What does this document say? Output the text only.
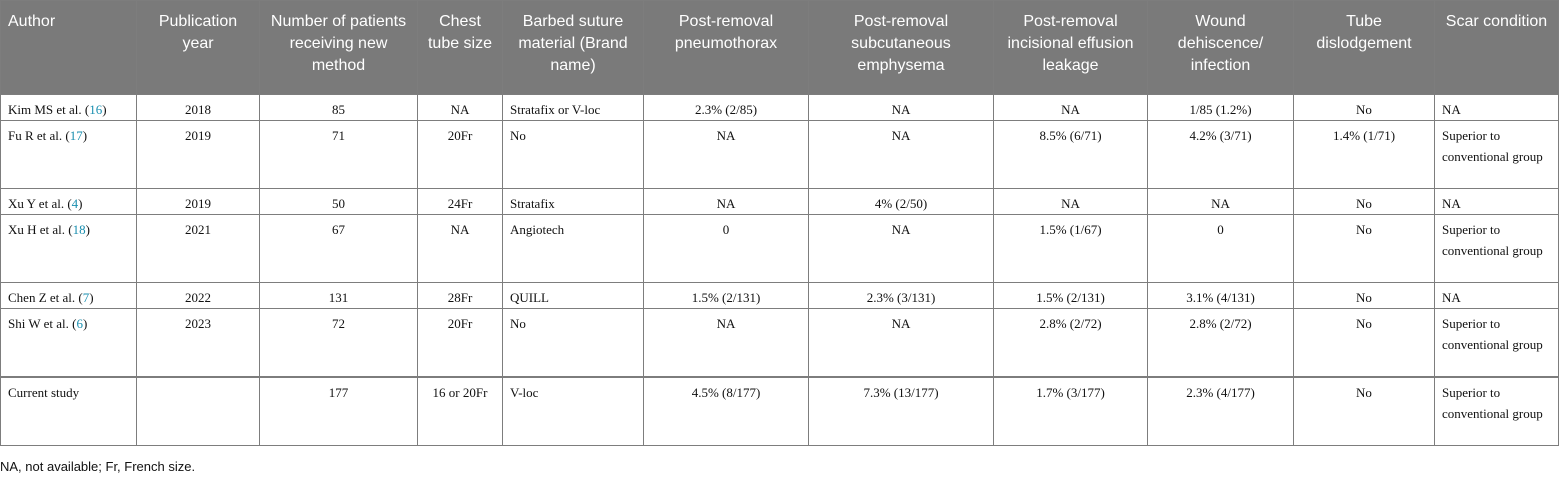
Author	Publication year	Number of patients receiving new method	Chest tube size	Barbed suture material (Brand name)	Post-removal pneumothorax	Post-removal subcutaneous emphysema	Post-removal incisional effusion leakage	Wound dehiscence/ infection	Tube dislodgement	Scar condition
Kim MS et al. (16)	2018	85	NA	Stratafix or V-loc	2.3% (2/85)	NA	NA	1/85 (1.2%)	No	NA
Fu R et al. (17)	2019	71	20Fr	No	NA	NA	8.5% (6/71)	4.2% (3/71)	1.4% (1/71)	Superior to conventional group
Xu Y et al. (4)	2019	50	24Fr	Stratafix	NA	4% (2/50)	NA	NA	No	NA
Xu H et al. (18)	2021	67	NA	Angiotech	0	NA	1.5% (1/67)	0	No	Superior to conventional group
Chen Z et al. (7)	2022	131	28Fr	QUILL	1.5% (2/131)	2.3% (3/131)	1.5% (2/131)	3.1% (4/131)	No	NA
Shi W et al. (6)	2023	72	20Fr	No	NA	NA	2.8% (2/72)	2.8% (2/72)	No	Superior to conventional group
Current study		177	16 or 20Fr	V-loc	4.5% (8/177)	7.3% (13/177)	1.7% (3/177)	2.3% (4/177)	No	Superior to conventional group
NA, not available; Fr, French size.
